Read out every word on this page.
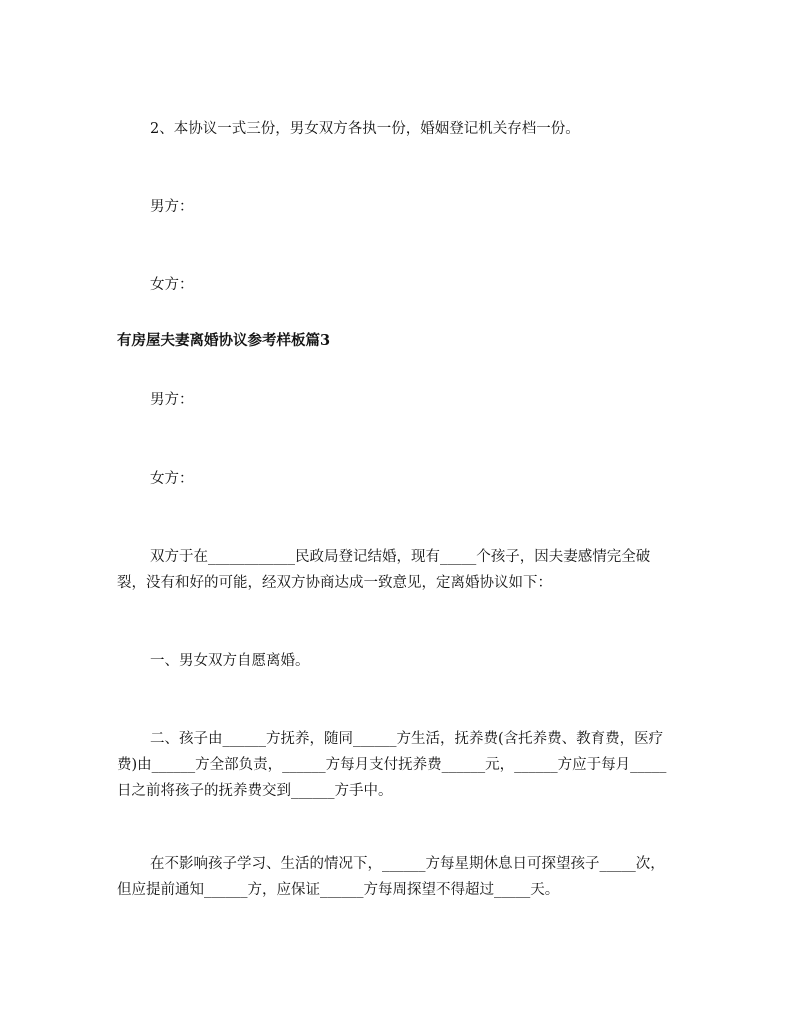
2、本协议一式三份，男女双方各执一份，婚姻登记机关存档一份。

男方：

女方：

有房屋夫妻离婚协议参考样板篇3

男方：

女方：

双方于在____________民政局登记结婚，现有_____个孩子，因夫妻感情完全破裂，没有和好的可能，经双方协商达成一致意见，定离婚协议如下：

一、男女双方自愿离婚。

二、孩子由______方抚养，随同______方生活，抚养费(含托养费、教育费，医疗费)由______方全部负责，______方每月支付抚养费______元，______方应于每月_____日之前将孩子的抚养费交到______方手中。

在不影响孩子学习、生活的情况下，______方每星期休息日可探望孩子_____次，但应提前通知______方，应保证______方每周探望不得超过_____天。
